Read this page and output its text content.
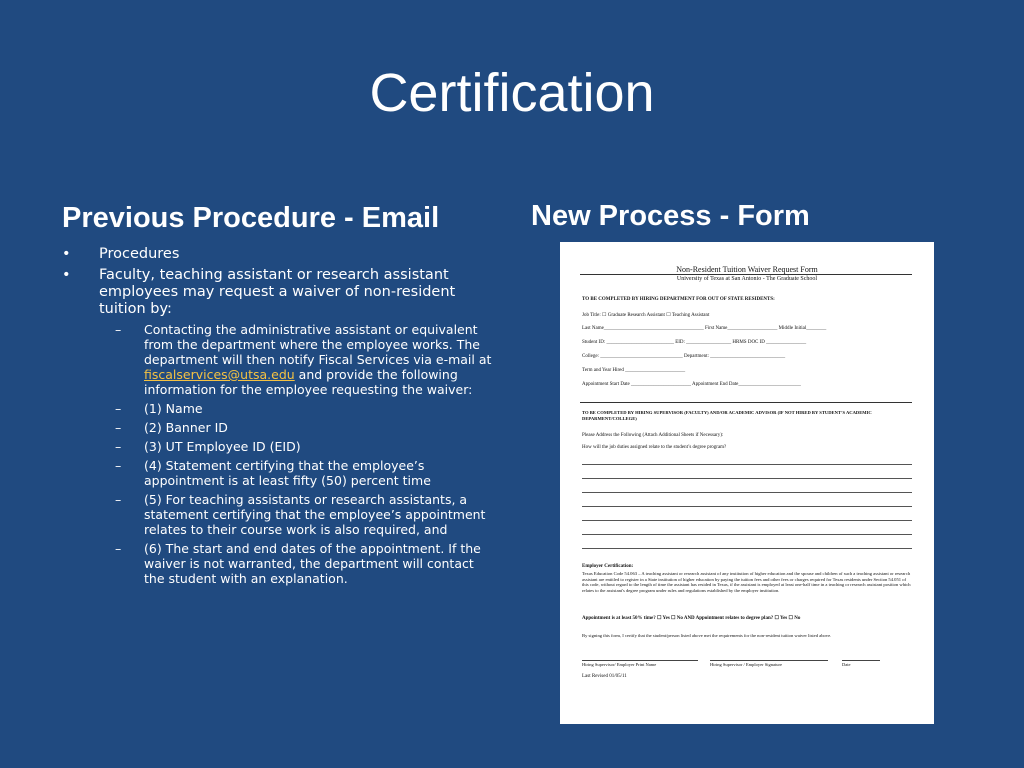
Certification
Previous Procedure - Email	New Process - Form
• Procedures
• Faculty, teaching assistant or research assistant employees may request a waiver of non-resident tuition by:
– Contacting the administrative assistant or equivalent from the department where the employee works. The department will then notify Fiscal Services via e-mail at fiscalservices@utsa.edu and provide the following information for the employee requesting the waiver:
– (1) Name
– (2) Banner ID
– (3) UT Employee ID (EID)
– (4) Statement certifying that the employee’s appointment is at least fifty (50) percent time
– (5) For teaching assistants or research assistants, a statement certifying that the employee’s appointment relates to their course work is also required, and
– (6) The start and end dates of the appointment. If the waiver is not warranted, the department will contact the student with an explanation.
Non-Resident Tuition Waiver Request Form
University of Texas at San Antonio - The Graduate School
TO BE COMPLETED BY HIRING DEPARTMENT FOR OUT OF STATE RESIDENTS:
Job Title: ☐ Graduate Research Assistant ☐ Teaching Assistant
Last Name________________________________________ First Name____________________ Middle Initial________
Student ID: ___________________________ EID: __________________ HRMS DOC ID ________________
College: _________________________________ Department: ______________________________
Term and Year Hired ________________________
Appointment Start Date ________________________ Appointment End Date_________________________
TO BE COMPLETED BY HIRING SUPERVISOR (FACULTY) AND/OR ACADEMIC ADVISOR (IF NOT HIRED BY STUDENT’S ACADEMIC DEPARMENT/COLLEGE)
Please Address the Following (Attach Additional Sheets if Necessary):
How will the job duties assigned relate to the student’s degree program?
Employer Certification:
Texas Education Code 54.063 – A teaching assistant or research assistant of any institution of higher education and the spouse and children of such a teaching assistant or research assistant are entitled to register in a State institution of higher education by paying the tuition fees and other fees or charges required for Texas residents under Section 54.051 of this code, without regard to the length of time the assistant has resided in Texas, if the assistant is employed at least one-half time in a teaching or research assistant position which relates to the assistant's degree program under rules and regulations established by the employer institution.
Appointment is at least 50% time? ☐ Yes ☐ No AND Appointment relates to degree plan? ☐ Yes ☐ No
By signing this form, I certify that the student/person listed above met the requirements for the non-resident tuition waiver listed above.
Hiring Supervisor/ Employer Print Name	Hiring Supervisor / Employer Signature	Date
Last Revised 01/05/11
